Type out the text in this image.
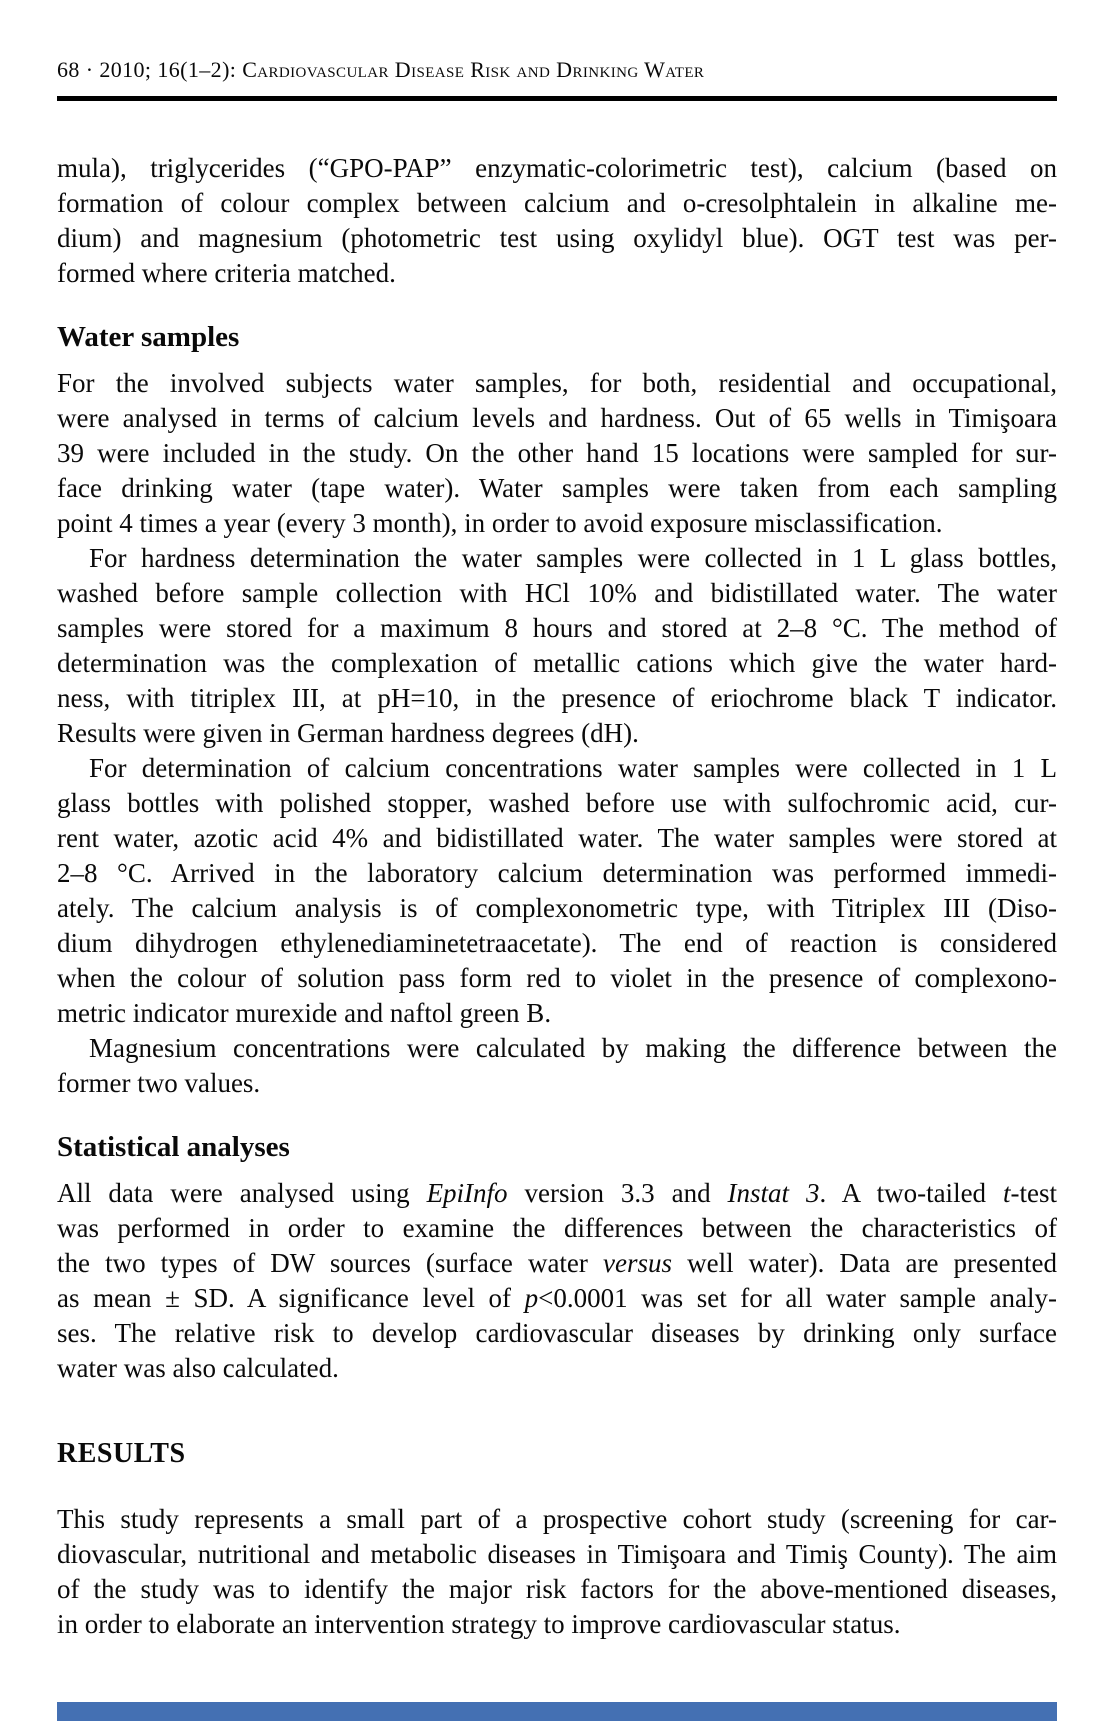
68 · 2010; 16(1–2): Cardiovascular Disease Risk and Drinking Water

mula), triglycerides (“GPO-PAP” enzymatic-colorimetric test), calcium (based on
formation of colour complex between calcium and o-cresolphtalein in alkaline me-
dium) and magnesium (photometric test using oxylidyl blue). OGT test was per-
formed where criteria matched.

Water samples

For the involved subjects water samples, for both, residential and occupational,
were analysed in terms of calcium levels and hardness. Out of 65 wells in Timişoara
39 were included in the study. On the other hand 15 locations were sampled for sur-
face drinking water (tape water). Water samples were taken from each sampling
point 4 times a year (every 3 month), in order to avoid exposure misclassification.

For hardness determination the water samples were collected in 1 L glass bottles,
washed before sample collection with HCl 10% and bidistillated water. The water
samples were stored for a maximum 8 hours and stored at 2–8 °C. The method of
determination was the complexation of metallic cations which give the water hard-
ness, with titriplex III, at pH=10, in the presence of eriochrome black T indicator.
Results were given in German hardness degrees (dH).

For determination of calcium concentrations water samples were collected in 1 L
glass bottles with polished stopper, washed before use with sulfochromic acid, cur-
rent water, azotic acid 4% and bidistillated water. The water samples were stored at
2–8 °C. Arrived in the laboratory calcium determination was performed immedi-
ately. The calcium analysis is of complexonometric type, with Titriplex III (Diso-
dium dihydrogen ethylenediaminetetraacetate). The end of reaction is considered
when the colour of solution pass form red to violet in the presence of complexono-
metric indicator murexide and naftol green B.

Magnesium concentrations were calculated by making the difference between the
former two values.

Statistical analyses

All data were analysed using EpiInfo version 3.3 and Instat 3. A two-tailed t-test
was performed in order to examine the differences between the characteristics of
the two types of DW sources (surface water versus well water). Data are presented
as mean ± SD. A significance level of p<0.0001 was set for all water sample analy-
ses. The relative risk to develop cardiovascular diseases by drinking only surface
water was also calculated.

RESULTS

This study represents a small part of a prospective cohort study (screening for car-
diovascular, nutritional and metabolic diseases in Timişoara and Timiş County). The aim
of the study was to identify the major risk factors for the above-mentioned diseases,
in order to elaborate an intervention strategy to improve cardiovascular status.
